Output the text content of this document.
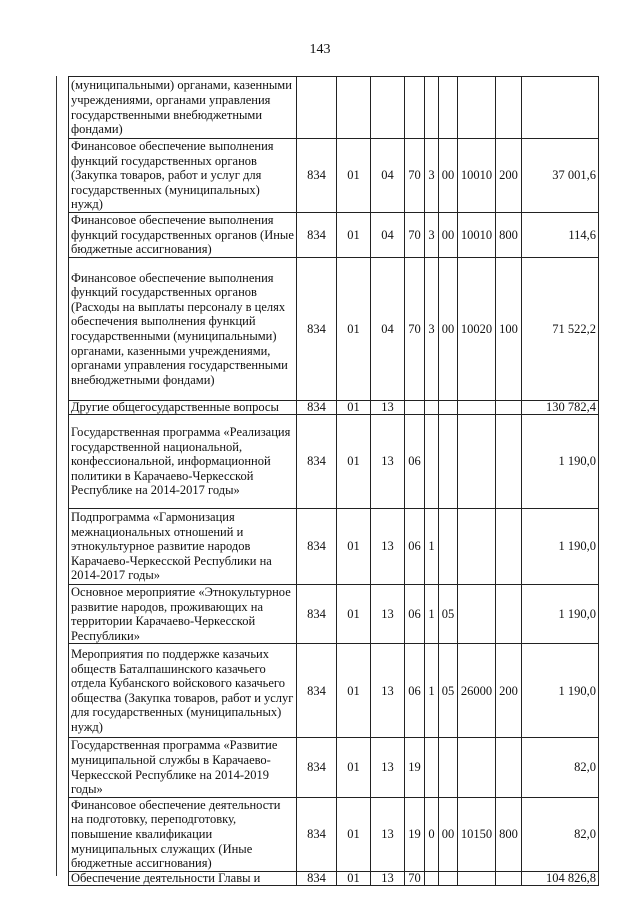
143
(муниципальными) органами, казенными учреждениями, органами управления государственными внебюджетными фондами)									
Финансовое обеспечение выполнения функций государственных органов (Закупка товаров, работ и услуг для государственных (муниципальных) нужд)	834	01	04	70	3	00	10010	200	37 001,6
Финансовое обеспечение выполнения функций государственных органов (Иные бюджетные ассигнования)	834	01	04	70	3	00	10010	800	114,6
Финансовое обеспечение выполнения функций государственных органов (Расходы на выплаты персоналу в целях обеспечения выполнения функций государственными (муниципальными) органами, казенными учреждениями, органами управления государственными внебюджетными фондами)	834	01	04	70	3	00	10020	100	71 522,2
Другие общегосударственные вопросы	834	01	13						130 782,4
Государственная программа «Реализация государственной национальной, конфессиональной, информационной политики в Карачаево-Черкесской Республике на 2014-2017 годы»	834	01	13	06					1 190,0
Подпрограмма «Гармонизация межнациональных отношений и этнокультурное развитие народов Карачаево-Черкесской Республики на 2014-2017 годы»	834	01	13	06	1				1 190,0
Основное мероприятие «Этнокультурное развитие народов, проживающих на территории Карачаево-Черкесской Республики»	834	01	13	06	1	05			1 190,0
Мероприятия по поддержке казачьих обществ Баталпашинского казачьего отдела Кубанского войскового казачьего общества (Закупка товаров, работ и услуг для государственных (муниципальных) нужд)	834	01	13	06	1	05	26000	200	1 190,0
Государственная программа «Развитие муниципальной службы в Карачаево-Черкесской Республике на 2014-2019 годы»	834	01	13	19					82,0
Финансовое обеспечение деятельности на подготовку, переподготовку, повышение квалификации муниципальных служащих (Иные бюджетные ассигнования)	834	01	13	19	0	00	10150	800	82,0
Обеспечение деятельности Главы и	834	01	13	70					104 826,8
